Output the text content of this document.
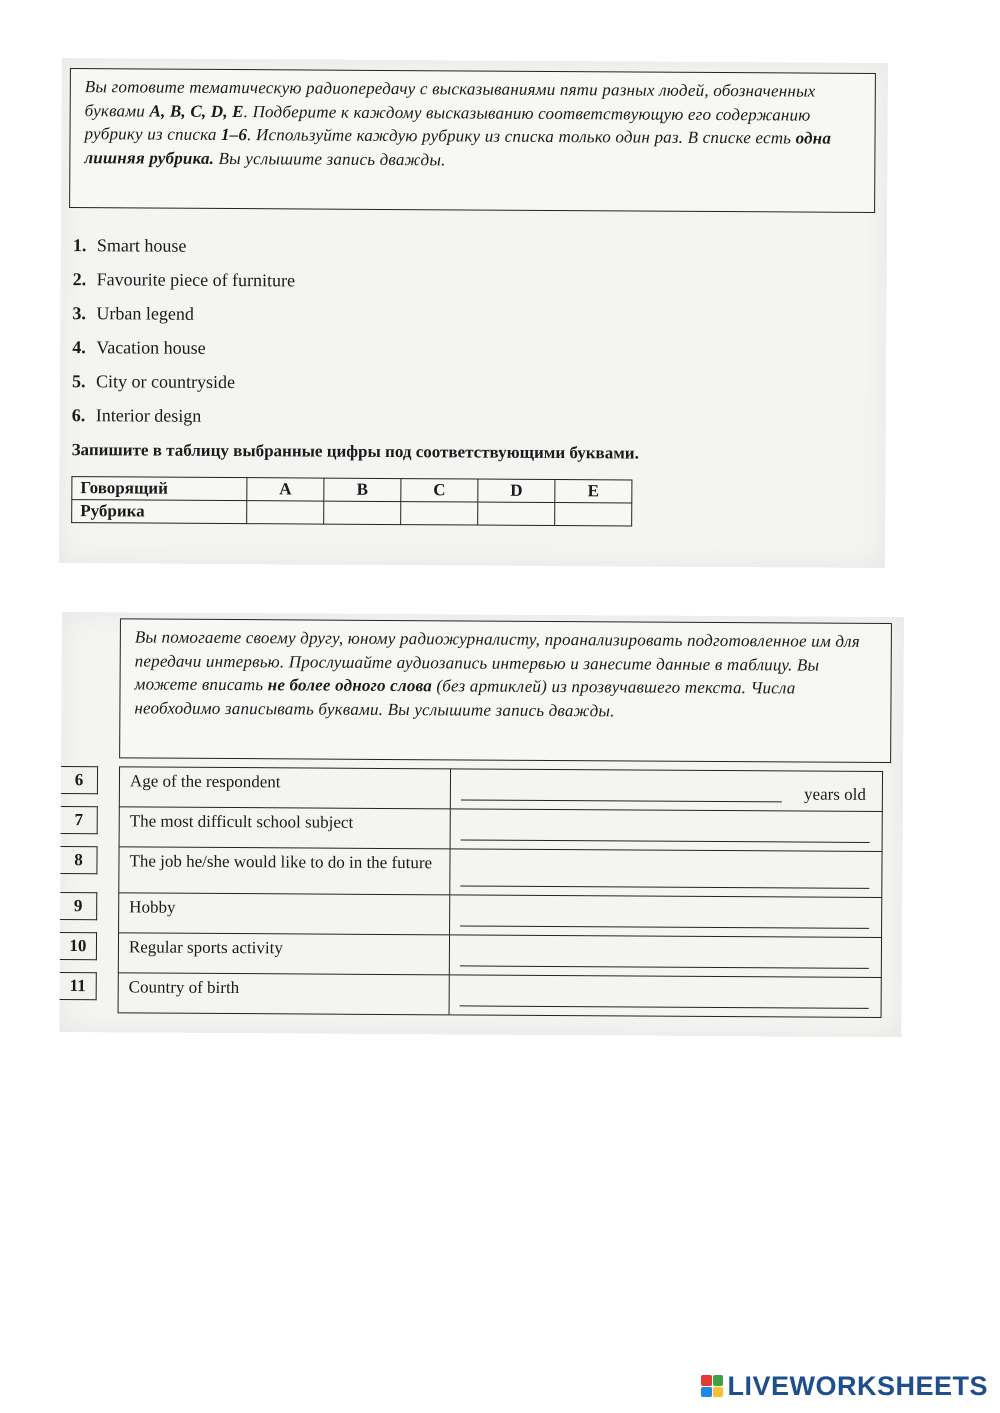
Вы готовите тематическую радиопередачу с высказываниями пяти разных людей, обозначенных буквами A, B, C, D, E. Подберите к каждому высказыванию соответствующую его содержанию рубрику из списка 1–6. Используйте каждую рубрику из списка только один раз. В списке есть одна лишняя рубрика. Вы услышите запись дважды.
1. Smart house
2. Favourite piece of furniture
3. Urban legend
4. Vacation house
5. City or countryside
6. Interior design
Запишите в таблицу выбранные цифры под соответствующими буквами.
Говорящий	A	B	C	D	E
Рубрика					
Вы помогаете своему другу, юному радиожурналисту, проанализировать подготовленное им для передачи интервью. Прослушайте аудиозапись интервью и занесите данные в таблицу. Вы можете вписать не более одного слова (без артиклей) из прозвучавшего текста. Числа необходимо записывать буквами. Вы услышите запись дважды.
6	Age of the respondent
years old
7	The most difficult school subject
8	The job he/she would like to do in the future
9	Hobby
10	Regular sports activity
11	Country of birth
LIVEWORKSHEETS
